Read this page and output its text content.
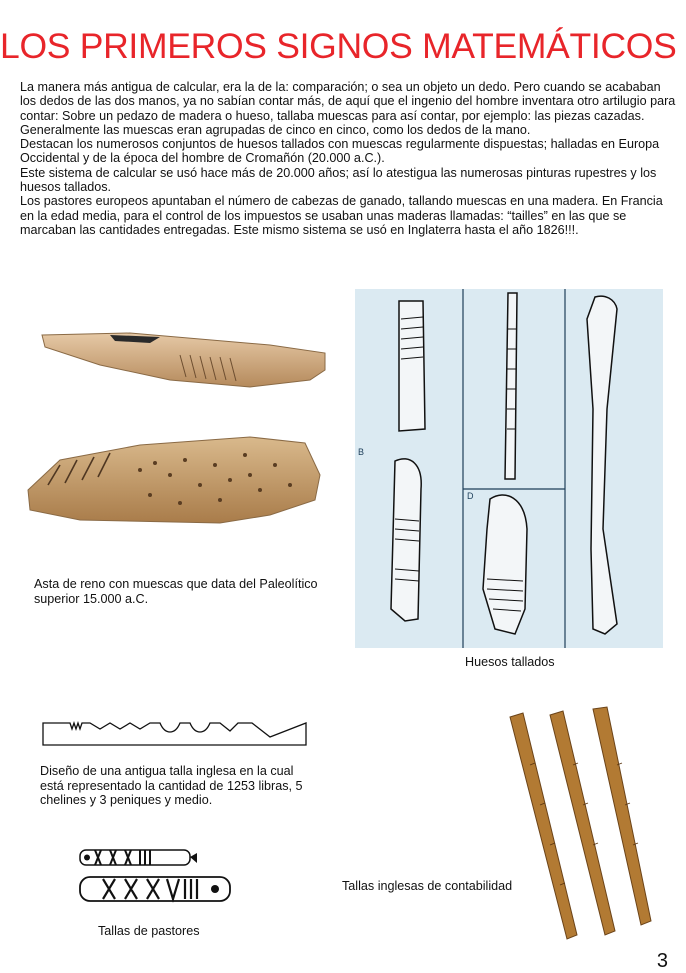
LOS PRIMEROS SIGNOS MATEMÁTICOS

La manera más antigua de calcular, era la de la: comparación; o sea un objeto un dedo. Pero cuando se acababan los dedos de las dos manos, ya no sabían contar más, de aquí que el ingenio del hombre inventara otro artilugio para contar: Sobre un pedazo de madera o hueso, tallaba muescas para así contar, por ejemplo: las piezas cazadas.

Generalmente las muescas eran agrupadas de cinco en cinco, como los dedos de la mano.

Destacan los numerosos conjuntos de huesos tallados con muescas regularmente dispuestas; halladas en Europa Occidental y de la época del hombre de Cromañón (20.000 a.C.).

Este sistema de calcular se usó hace más de 20.000 años; así lo atestigua las numerosas pinturas rupestres y los huesos tallados.

Los pastores europeos apuntaban el número de cabezas de ganado, tallando muescas en una madera. En Francia en la edad media, para el control de los impuestos se usaban unas maderas llamadas: “tailles” en las que se marcaban las cantidades entregadas. Este mismo sistema se usó en Inglaterra hasta el año 1826!!!.

Asta de reno con muescas que data del Paleolítico superior 15.000 a.C.
B
D
Huesos tallados
Diseño de una antigua talla inglesa en la cual está representado la cantidad de 1253 libras, 5 chelines y 3 peniques y medio.
Tallas de pastores
Tallas inglesas de contabilidad
3
